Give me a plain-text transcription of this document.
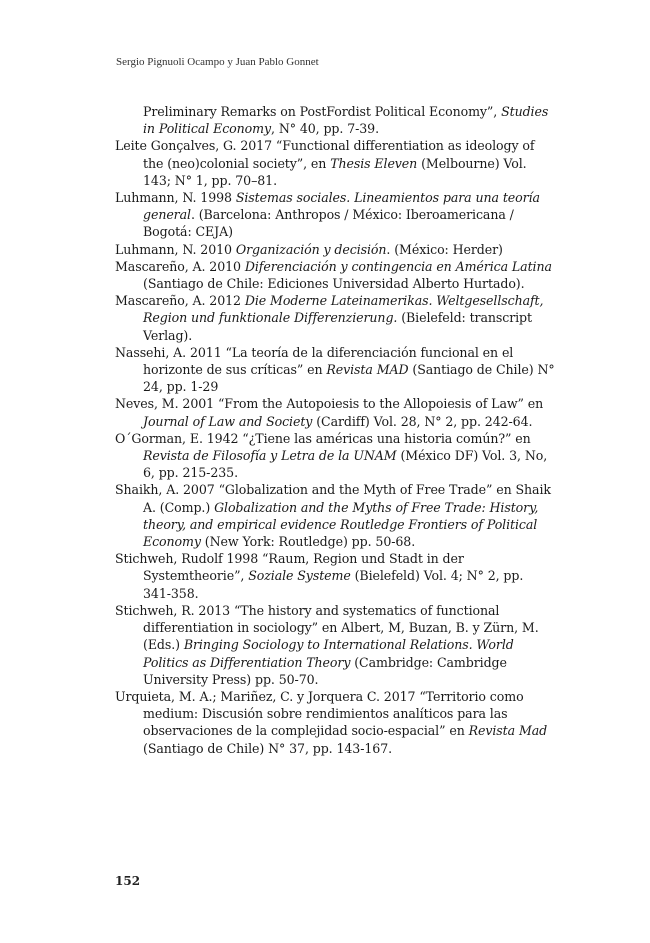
Sergio Pignuoli Ocampo y Juan Pablo Gonnet
Preliminary Remarks on PostFordist Political Economy”, Studies in Political Economy, N° 40, pp. 7-39.
Leite Gonçalves, G. 2017 “Functional differentiation as ideology of the (neo)colonial society”, en Thesis Eleven (Melbourne) Vol. 143; N° 1, pp. 70–81.
Luhmann, N. 1998 Sistemas sociales. Lineamientos para una teoría general. (Barcelona: Anthropos / México: Iberoamericana / Bogotá: CEJA)
Luhmann, N. 2010 Organización y decisión. (México: Herder)
Mascareño, A. 2010 Diferenciación y contingencia en América Latina (Santiago de Chile: Ediciones Universidad Alberto Hurtado).
Mascareño, A. 2012 Die Moderne Lateinamerikas. Weltgesellschaft, Region und funktionale Differenzierung. (Bielefeld: transcript Verlag).
Nassehi, A. 2011 “La teoría de la diferenciación funcional en el horizonte de sus críticas” en Revista MAD (Santiago de Chile) N° 24, pp. 1-29
Neves, M. 2001 “From the Autopoiesis to the Allopoiesis of Law” en Journal of Law and Society (Cardiff) Vol. 28, N° 2, pp. 242-64.
O´Gorman, E. 1942 “¿Tiene las américas una historia común?” en Revista de Filosofía y Letra de la UNAM (México DF) Vol. 3, No, 6, pp. 215-235.
Shaikh, A. 2007 “Globalization and the Myth of Free Trade” en Shaik A. (Comp.) Globalization and the Myths of Free Trade: History, theory, and empirical evidence Routledge Frontiers of Political Economy (New York: Routledge) pp. 50-68.
Stichweh, Rudolf 1998 “Raum, Region und Stadt in der Systemtheorie”, Soziale Systeme (Bielefeld) Vol. 4; N° 2, pp. 341-358.
Stichweh, R. 2013 “The history and systematics of functional differentiation in sociology” en Albert, M, Buzan, B. y Zürn, M. (Eds.) Bringing Sociology to International Relations. World Politics as Differentiation Theory (Cambridge: Cambridge University Press) pp. 50-70.
Urquieta, M. A.; Mariñez, C. y Jorquera C. 2017 “Territorio como medium: Discusión sobre rendimientos analíticos para las observaciones de la complejidad socio-espacial” en Revista Mad (Santiago de Chile) N° 37, pp. 143-167.
152
